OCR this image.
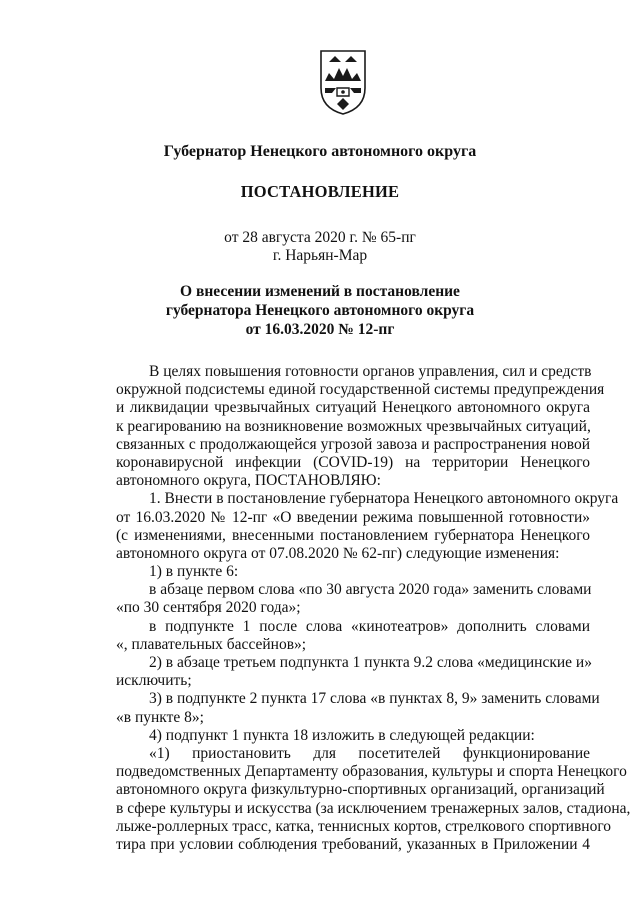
Губернатор Ненецкого автономного округа
ПОСТАНОВЛЕНИЕ
от 28 августа 2020 г. № 65-пг
г. Нарьян-Мар
О внесении изменений в постановление
губернатора Ненецкого автономного округа
от 16.03.2020 № 12-пг
В целях повышения готовности органов управления, сил и средств
окружной подсистемы единой государственной системы предупреждения
и ликвидации чрезвычайных ситуаций Ненецкого автономного округа
к реагированию на возникновение возможных чрезвычайных ситуаций,
связанных с продолжающейся угрозой завоза и распространения новой
коронавирусной инфекции (COVID-19) на территории Ненецкого
автономного округа, ПОСТАНОВЛЯЮ:
1. Внести в постановление губернатора Ненецкого автономного округа
от 16.03.2020 № 12-пг «О введении режима повышенной готовности»
(с изменениями, внесенными постановлением губернатора Ненецкого
автономного округа от 07.08.2020 № 62-пг) следующие изменения:
1) в пункте 6:
в абзаце первом слова «по 30 августа 2020 года» заменить словами
«по 30 сентября 2020 года»;
в подпункте 1 после слова «кинотеатров» дополнить словами
«, плавательных бассейнов»;
2) в абзаце третьем подпункта 1 пункта 9.2 слова «медицинские и»
исключить;
3) в подпункте 2 пункта 17 слова «в пунктах 8, 9» заменить словами
«в пункте 8»;
4) подпункт 1 пункта 18 изложить в следующей редакции:
«1) приостановить для посетителей функционирование
подведомственных Департаменту образования, культуры и спорта Ненецкого
автономного округа физкультурно-спортивных организаций, организаций
в сфере культуры и искусства (за исключением тренажерных залов, стадиона,
лыже-роллерных трасс, катка, теннисных кортов, стрелкового спортивного
тира при условии соблюдения требований, указанных в Приложении 4
